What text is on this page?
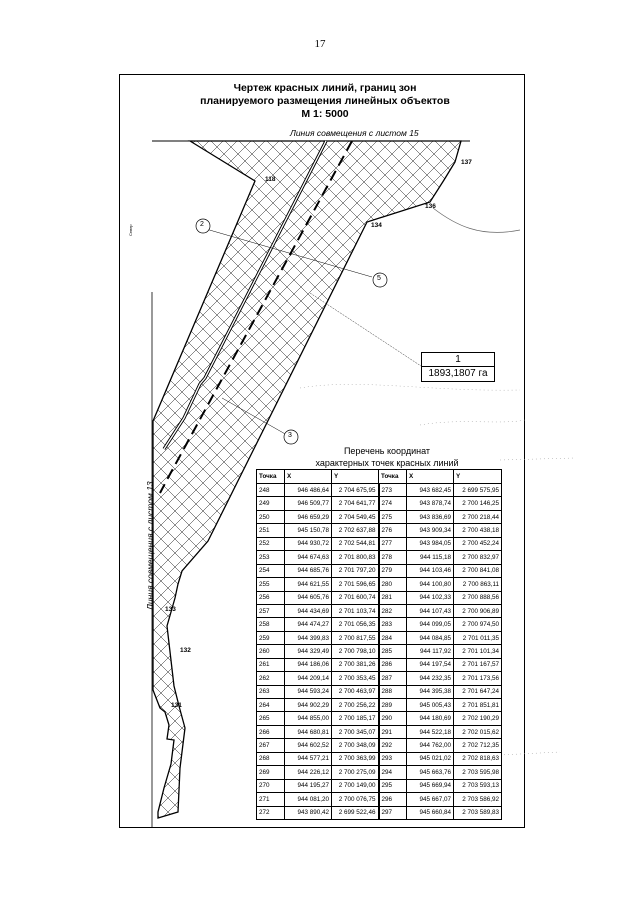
17
Чертеж красных линий, границ зон
планируемого размещения линейных объектов
М 1: 5000
Линия совмещения с листом 15
Линия совмещения с листом 13
Север
118
137
136
134
133
132
131
2
5
3
1
1893,1807 га
Перечень координат
характерных точек красных линий
Точка	X	Y	Точка	X	Y
248	946 486,64	2 704 675,95	273	943 682,45	2 699 575,95
249	946 509,77	2 704 641,77	274	943 878,74	2 700 146,25
250	946 659,29	2 704 549,45	275	943 836,69	2 700 218,44
251	945 150,78	2 702 637,88	276	943 909,34	2 700 438,18
252	944 930,72	2 702 544,81	277	943 984,05	2 700 452,24
253	944 674,63	2 701 800,83	278	944 115,18	2 700 832,97
254	944 685,76	2 701 797,20	279	944 103,46	2 700 841,08
255	944 621,55	2 701 596,65	280	944 100,80	2 700 863,11
256	944 605,76	2 701 600,74	281	944 102,33	2 700 888,56
257	944 434,69	2 701 103,74	282	944 107,43	2 700 906,89
258	944 474,27	2 701 056,35	283	944 099,05	2 700 974,50
259	944 399,83	2 700 817,55	284	944 084,85	2 701 011,35
260	944 329,49	2 700 798,10	285	944 117,92	2 701 101,34
261	944 186,06	2 700 381,26	286	944 197,54	2 701 167,57
262	944 209,14	2 700 353,45	287	944 232,35	2 701 173,56
263	944 593,24	2 700 463,97	288	944 395,38	2 701 647,24
264	944 902,29	2 700 256,22	289	945 005,43	2 701 851,81
265	944 855,00	2 700 185,17	290	944 180,69	2 702 190,29
266	944 680,81	2 700 345,07	291	944 522,18	2 702 015,62
267	944 602,52	2 700 348,09	292	944 762,00	2 702 712,35
268	944 577,21	2 700 363,99	293	945 021,02	2 702 818,63
269	944 226,12	2 700 275,09	294	945 663,76	2 703 595,98
270	944 195,27	2 700 149,00	295	945 669,94	2 703 593,13
271	944 081,20	2 700 076,75	296	945 667,07	2 703 586,92
272	943 890,42	2 699 522,46	297	945 660,84	2 703 589,83
